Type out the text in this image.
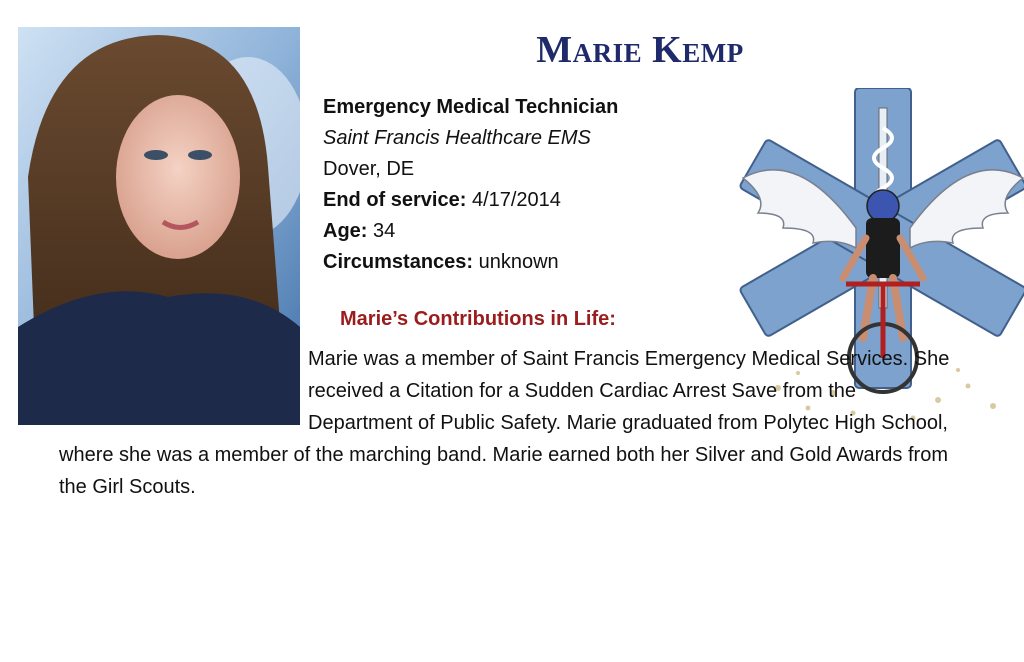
Marie Kemp
Emergency Medical Technician
Saint Francis Healthcare EMS
Dover, DE
End of service: 4/17/2014
Age: 34
Circumstances: unknown
Marie’s Contributions in Life:

Marie was a member of Saint Francis Emergency Medical Services. She received a Citation for a Sudden Cardiac Arrest Save from the Department of Public Safety. Marie graduated from Polytec High School, where she was a member of the marching band. Marie earned both her Silver and Gold Awards from the Girl Scouts.
